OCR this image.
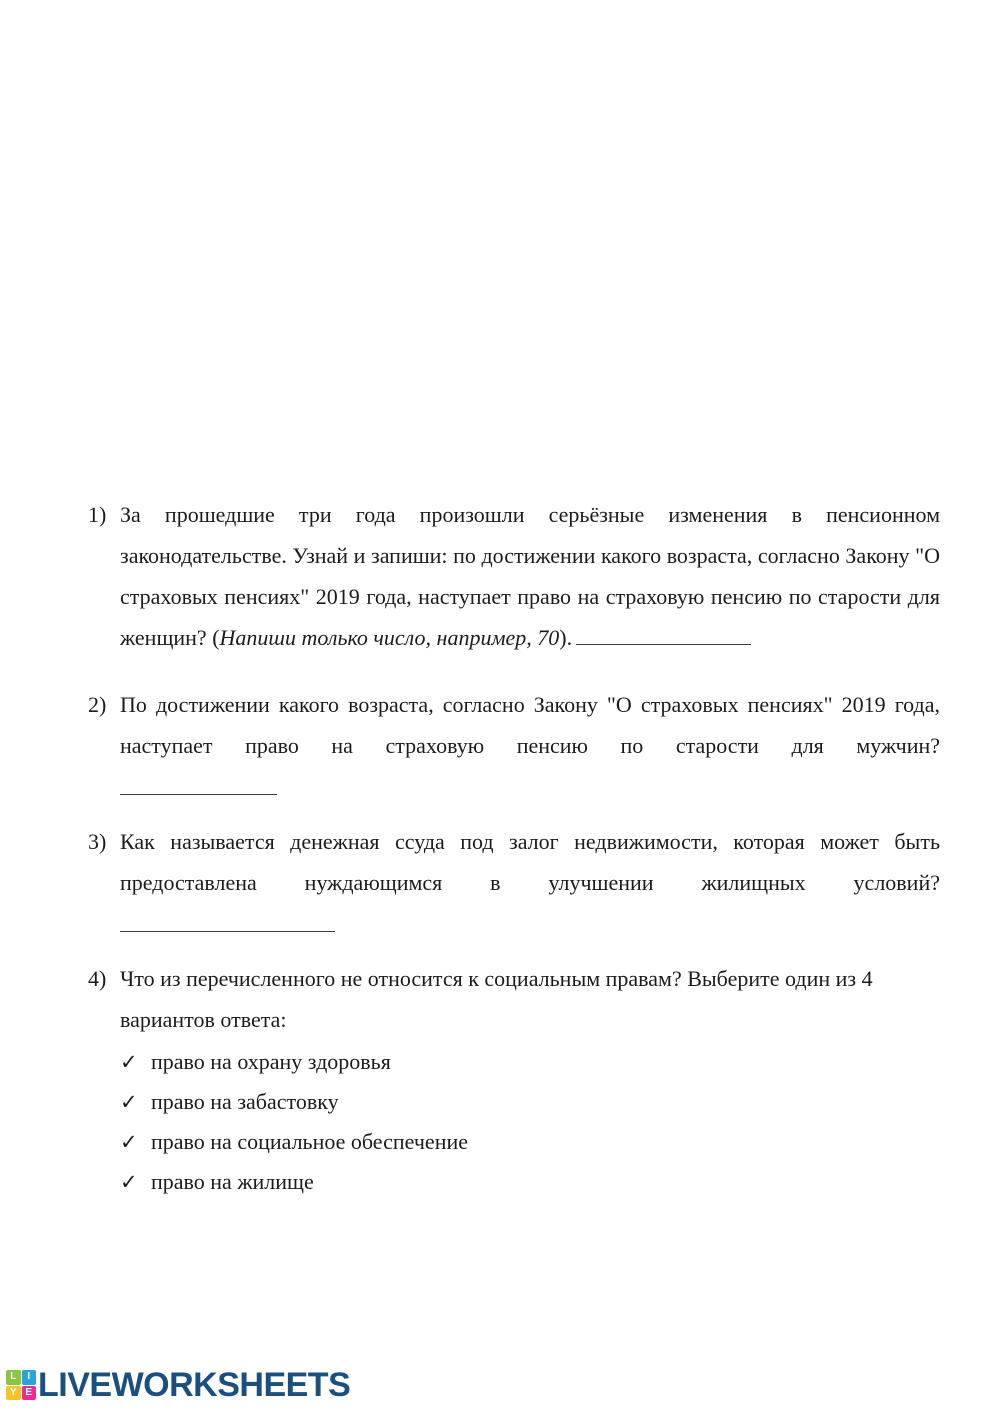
1) За прошедшие три года произошли серьёзные изменения в пенсионном законодательстве. Узнай и запиши: по достижении какого возраста, согласно Закону "О страховых пенсиях" 2019 года, наступает право на страховую пенсию по старости для женщин? (Напиши только число, например, 70).
2) По достижении какого возраста, согласно Закону "О страховых пенсиях" 2019 года, наступает право на страховую пенсию по старости для мужчин?
3) Как называется денежная ссуда под залог недвижимости, которая может быть предоставлена нуждающимся в улучшении жилищных условий?
4) Что из перечисленного не относится к социальным правам? Выберите один из 4 вариантов ответа:
✓ право на охрану здоровья
✓ право на забастовку
✓ право на социальное обеспечение
✓ право на жилище
L	I
Y E LIVEWORKSHEETS
